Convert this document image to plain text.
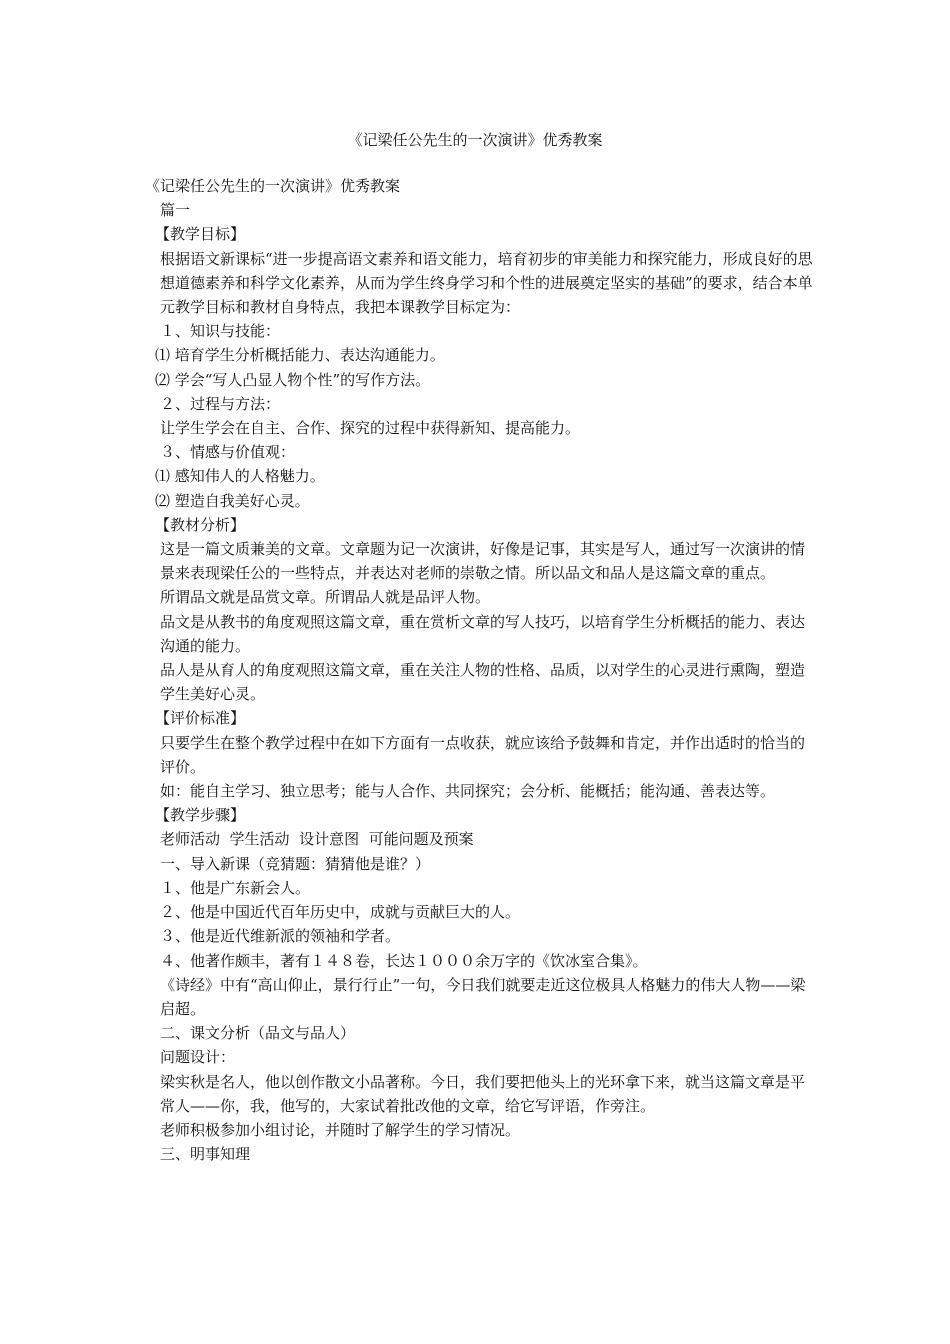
《记梁任公先生的一次演讲》优秀教案

《记梁任公先生的一次演讲》优秀教案

篇一

【教学目标】

根据语文新课标“进一步提高语文素养和语文能力，培育初步的审美能力和探究能力，形成良好的思想道德素养和科学文化素养，从而为学生终身学习和个性的进展奠定坚实的基础”的要求，结合本单元教学目标和教材自身特点，我把本课教学目标定为：

１、知识与技能：

⑴ 培育学生分析概括能力、表达沟通能力。

⑵ 学会“写人凸显人物个性”的写作方法。

２、过程与方法：

让学生学会在自主、合作、探究的过程中获得新知、提高能力。

３、情感与价值观：

⑴ 感知伟人的人格魅力。

⑵ 塑造自我美好心灵。

【教材分析】

这是一篇文质兼美的文章。文章题为记一次演讲，好像是记事，其实是写人，通过写一次演讲的情景来表现梁任公的一些特点，并表达对老师的崇敬之情。所以品文和品人是这篇文章的重点。

所谓品文就是品赏文章。所谓品人就是品评人物。

品文是从教书的角度观照这篇文章，重在赏析文章的写人技巧，以培育学生分析概括的能力、表达沟通的能力。

品人是从育人的角度观照这篇文章，重在关注人物的性格、品质，以对学生的心灵进行熏陶，塑造学生美好心灵。

【评价标准】

只要学生在整个教学过程中在如下方面有一点收获，就应该给予鼓舞和肯定，并作出适时的恰当的评价。

如：能自主学习、独立思考；能与人合作、共同探究；会分析、能概括；能沟通、善表达等。

【教学步骤】

老师活动  学生活动  设计意图  可能问题及预案

一、导入新课（竞猜题：猜猜他是谁？）

１、他是广东新会人。

２、他是中国近代百年历史中，成就与贡献巨大的人。

３、他是近代维新派的领袖和学者。

４、他著作颇丰，著有１４８卷，长达１０００余万字的《饮冰室合集》。

《诗经》中有“高山仰止，景行行止”一句，今日我们就要走近这位极具人格魅力的伟大人物——梁启超。

二、课文分析（品文与品人）

问题设计：

梁实秋是名人，他以创作散文小品著称。今日，我们要把他头上的光环拿下来，就当这篇文章是平常人——你，我，他写的，大家试着批改他的文章，给它写评语，作旁注。

老师积极参加小组讨论，并随时了解学生的学习情况。

三、明事知理
